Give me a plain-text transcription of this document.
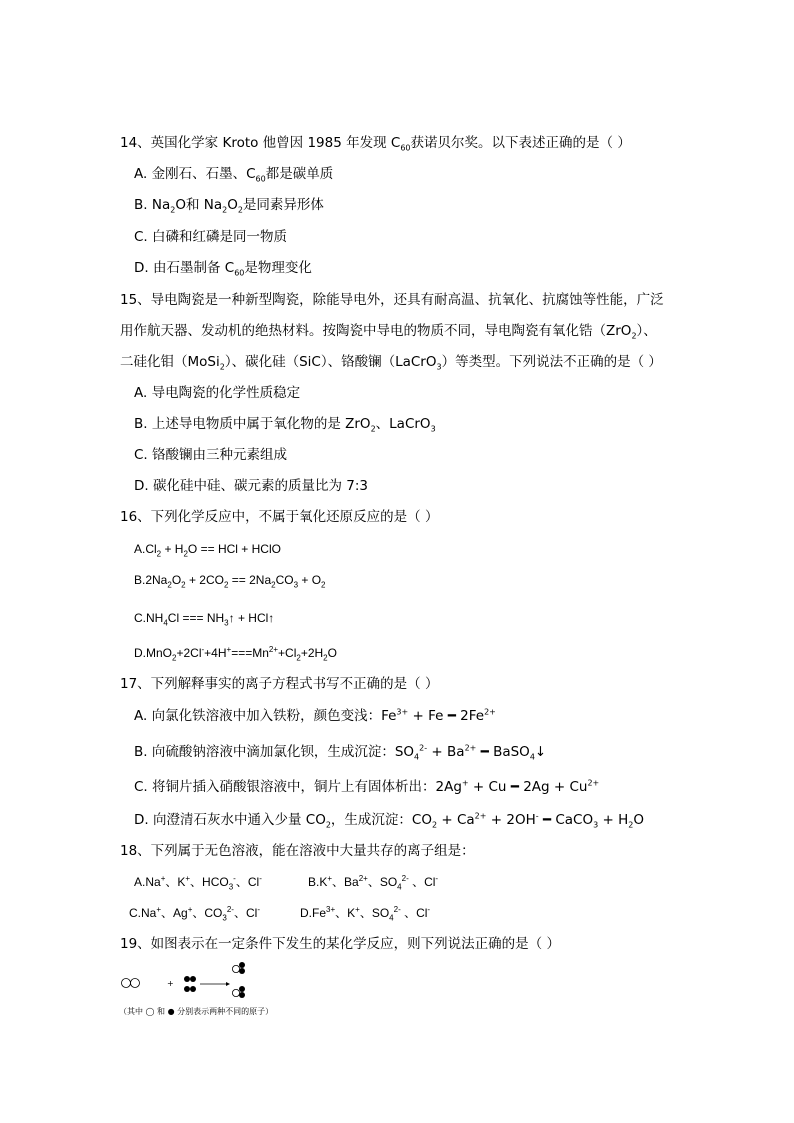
14、英国化学家 Kroto 他曾因 1985 年发现 $C_{60}$获诺贝尔奖。以下表述正确的是（ ）
A. 金刚石、石墨、$C_{60}$都是碳单质
B. $Na_2O$和 $Na_2O_2$是同素异形体
C. 白磷和红磷是同一物质
D. 由石墨制备 $C_{60}$是物理变化
15、导电陶瓷是一种新型陶瓷，除能导电外，还具有耐高温、抗氧化、抗腐蚀等性能，广泛
用作航天器、发动机的绝热材料。按陶瓷中导电的物质不同，导电陶瓷有氧化锆（ZrO$_2$）、
二硅化钼（MoSi$_2$）、碳化硅（SiC）、铬酸镧（LaCrO$_3$）等类型。下列说法不正确的是（ ）
A. 导电陶瓷的化学性质稳定
B. 上述导电物质中属于氧化物的是 ZrO$_2$、LaCrO$_3$
C. 铬酸镧由三种元素组成
D. 碳化硅中硅、碳元素的质量比为 7:3
16、下列化学反应中，不属于氧化还原反应的是（ ）
$A.Cl_2 + H_2O$ == HCl + HClO
$B.2Na_2O_2 + 2CO_2 == 2Na_2CO_3 + O_2$
$C.NH_4Cl$ === $NH_3↑$ + HCl↑
$D.MnO_2+2Cl^-+4H^+===Mn^{2+}+Cl_2+2H_2O$
17、下列解释事实的离子方程式书写不正确的是（ ）
A. 向氯化铁溶液中加入铁粉，颜色变浅：$Fe^{3+} + Fe$ ━ $2Fe^{2+}$
B. 向硫酸钠溶液中滴加氯化钡，生成沉淀：$SO_4^{2-} + Ba^{2+}$ ━ BaSO$_4$↓
C. 将铜片插入硝酸银溶液中，铜片上有固体析出：2Ag+ + Cu ━ $2Ag + Cu^{2+}$
D. 向澄清石灰水中通入少量 $CO_2$，生成沉淀：$CO_2 + Ca^{2+} + 2OH^-$ ━ CaCO$_3$ + $H_2O$
18、下列属于无色溶液，能在溶液中大量共存的离子组是：
A.Na+、K+、$HCO_3^-$、Cl-	B.K+、$Ba^{2+}$、$SO_4^{2-}$ 、Cl-
C.Na+、Ag+、$CO_3^{2-}$、Cl-	$D.Fe^{3+}$、K+、$SO_4^{2-}$ 、Cl-
19、如图表示在一定条件下发生的某化学反应，则下列说法正确的是（ ）
+
（其中 ◯ 和 ● 分别表示两种不同的原子）
